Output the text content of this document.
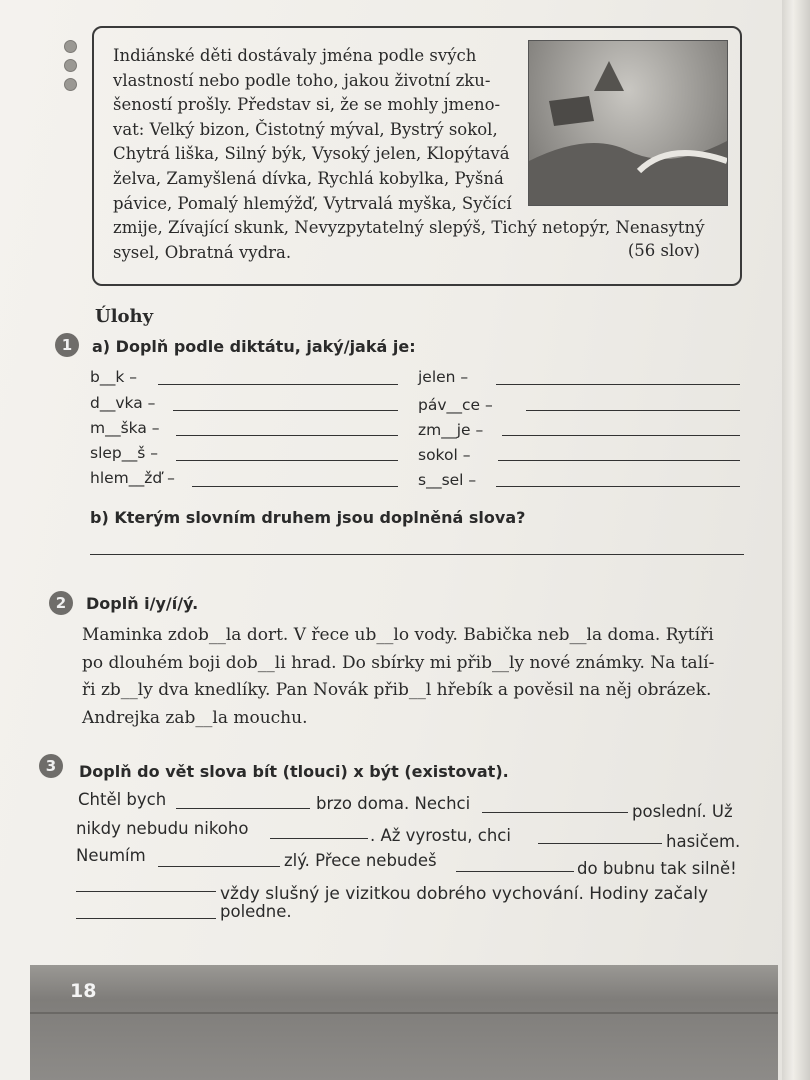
Indiánské děti dostávaly jména podle svých
vlastností nebo podle toho, jakou životní zku-
šeností prošly. Představ si, že se mohly jmeno-
vat: Velký bizon, Čistotný mýval, Bystrý sokol,
Chytrá liška, Silný býk, Vysoký jelen, Klopýtavá
želva, Zamyšlená dívka, Rychlá kobylka, Pyšná
pávice, Pomalý hlemýžď, Vytrvalá myška, Syčící
zmije, Zívající skunk, Nevyzpytatelný slepýš, Tichý netopýr, Nenasytný
sysel, Obratná vydra.	(56 slov)
Úlohy
1	a) Doplň podle diktátu, jaký/jaká je:
b__k –	jelen –
d__vka –	páv__ce –
m__ška –	zm__je –
slep__š –	sokol –
hlem__žď –	s__sel –
b) Kterým slovním druhem jsou doplněná slova?
2	Doplň i/y/í/ý.
Maminka zdob__la dort. V řece ub__lo vody. Babička neb__la doma. Rytíři
po dlouhém boji dob__li hrad. Do sbírky mi přib__ly nové známky. Na talí-
ři zb__ly dva knedlíky. Pan Novák přib__l hřebík a pověsil na něj obrázek.
Andrejka zab__la mouchu.
3	Doplň do vět slova bít (tlouci) x být (existovat).
Chtěl bych	brzo doma. Nechci	poslední. Už
nikdy nebudu nikoho	. Až vyrostu, chci	hasičem.
Neumím	zlý. Přece nebudeš	do bubnu tak silně!
vždy slušný je vizitkou dobrého vychování. Hodiny začaly
poledne.
18
